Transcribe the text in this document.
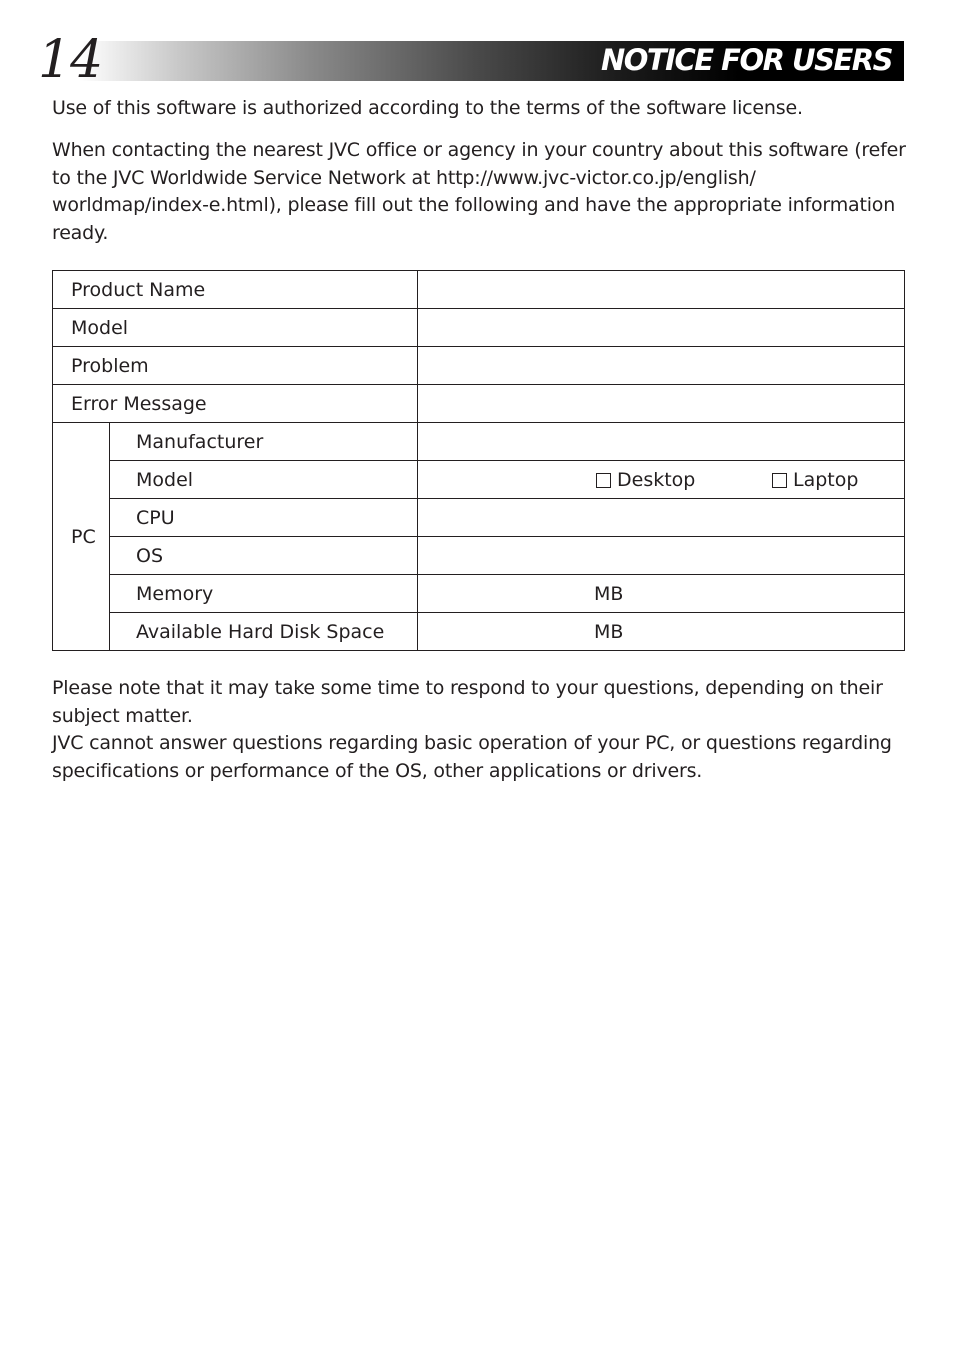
14	NOTICE FOR USERS

Use of this software is authorized according to the terms of the software license.

When contacting the nearest JVC office or agency in your country about this software (refer to the JVC Worldwide Service Network at http://www.jvc-victor.co.jp/english/ worldmap/index-e.html), please fill out the following and have the appropriate information ready.

Product Name		
Model		
Problem		
Error Message		
PC	Manufacturer	
	Model	Desktop Laptop

	CPU	
	OS	
	Memory	MB

	Available Hard Disk Space	MB

Please note that it may take some time to respond to your questions, depending on their subject matter.

JVC cannot answer questions regarding basic operation of your PC, or questions regarding specifications or performance of the OS, other applications or drivers.
